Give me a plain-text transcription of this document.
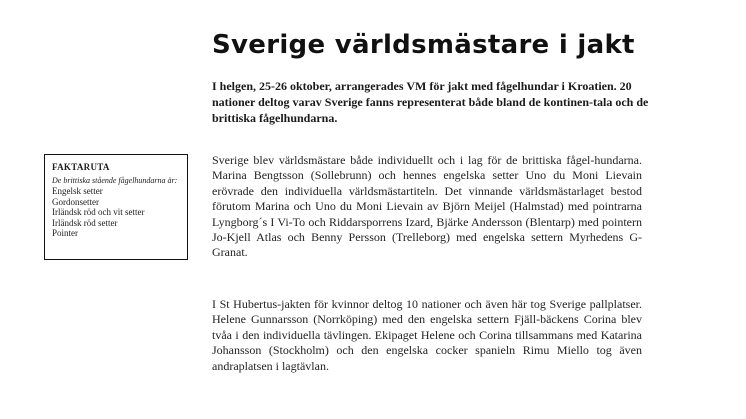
Sverige världsmästare i jakt

I helgen, 25-26 oktober, arrangerades VM för jakt med fågelhundar i Kroatien. 20 nationer deltog varav Sverige fanns representerat både bland de kontinen-tala och de brittiska fågelhundarna.

FAKTARUTA

De brittiska stående fågelhundarna är:

Engelsk setter
Gordonsetter
Irländsk röd och vit setter
Irländsk röd setter
Pointer

Sverige blev världsmästare både individuellt och i lag för de brittiska fågel-hundarna. Marina Bengtsson (Sollebrunn) och hennes engelska setter Uno du Moni Lievain erövrade den individuella världsmästartiteln. Det vinnande världsmästarlaget bestod förutom Marina och Uno du Moni Lievain av Björn Meijel (Halmstad) med pointrarna Lyngborg´s I Vi-To och Riddarsporrens Izard, Bjärke Andersson (Blentarp) med pointern Jo-Kjell Atlas och Benny Persson (Trelleborg) med engelska settern Myrhedens G-Granat.

I St Hubertus-jakten för kvinnor deltog 10 nationer och även här tog Sverige pallplatser. Helene Gunnarsson (Norrköping) med den engelska settern Fjäll-bäckens Corina blev tvåa i den individuella tävlingen. Ekipaget Helene och Corina tillsammans med Katarina Johansson (Stockholm) och den engelska cocker spanieln Rimu Miello tog även andraplatsen i lagtävlan.
